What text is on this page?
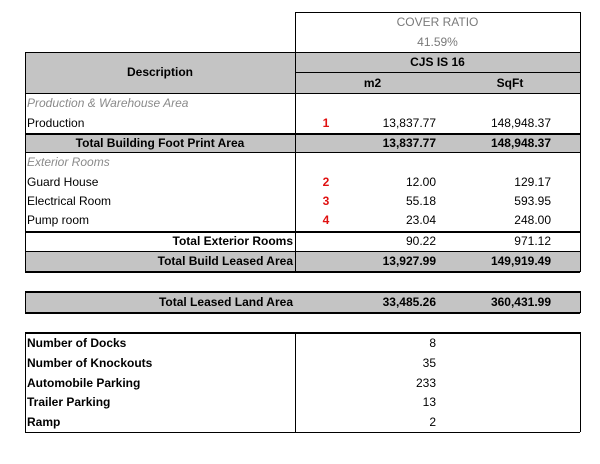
COVER RATIO
41.59%
Description
CJS IS 16
m2	SqFt
Production & Warehouse Area
Production	1	13,837.77	148,948.37
Total Building Foot Print Area	13,837.77	148,948.37
Exterior Rooms
Guard House	2	12.00	129.17
Electrical Room	3	55.18	593.95
Pump room	4	23.04	248.00
Total Exterior Rooms	90.22	971.12
Total Build Leased Area	13,927.99	149,919.49
Total Leased Land Area	33,485.26	360,431.99
Number of Docks	8
Number of Knockouts	35
Automobile Parking	233
Trailer Parking	13
Ramp	2
